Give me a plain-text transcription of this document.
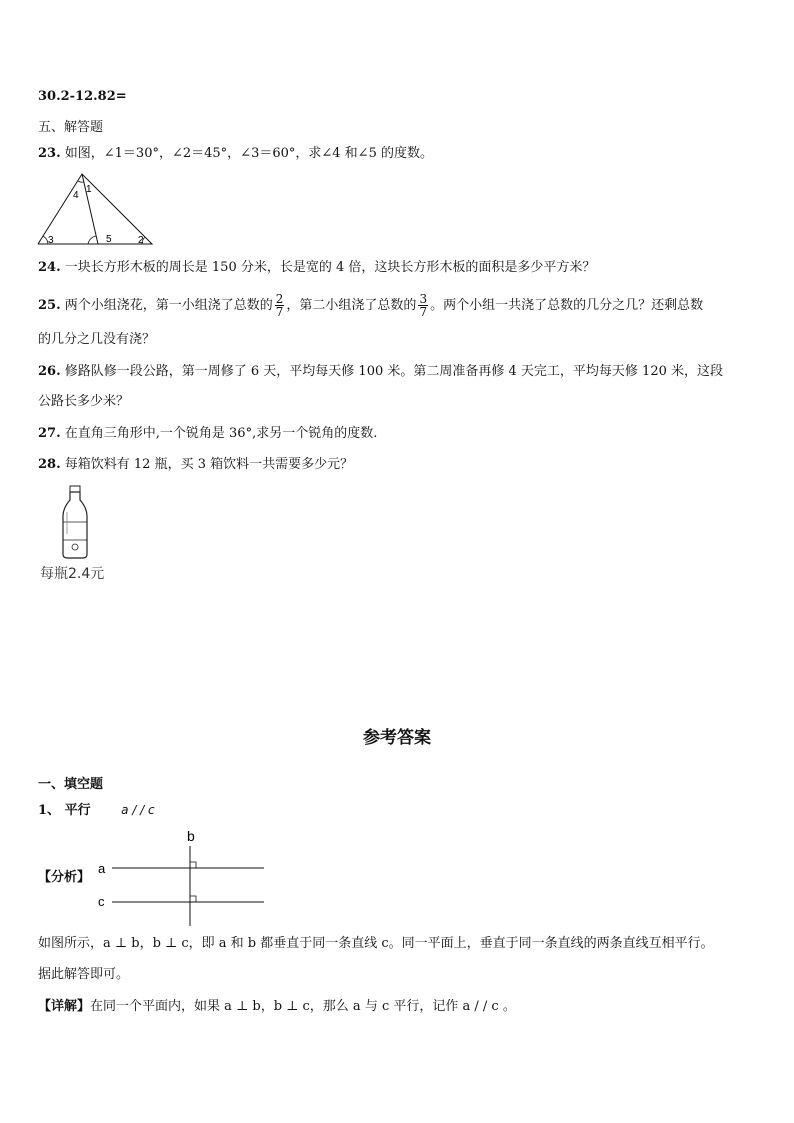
30.2-12.82=
五、解答题
23. 如图，∠1＝30°，∠2＝45°，∠3＝60°，求∠4 和∠5 的度数。
4
1
3	5	2
24. 一块长方形木板的周长是 150 分米，长是宽的 4 倍，这块长方形木板的面积是多少平方米？
25. 两个小组浇花，第一小组浇了总数的 $\frac{2}{7}$ ，第二小组浇了总数的 $\frac{3}{7}$ 。两个小组一共浇了总数的几分之几？还剩总数
的几分之几没有浇？
26. 修路队修一段公路，第一周修了 6 天，平均每天修 100 米。第二周准备再修 4 天完工，平均每天修 120 米，这段
公路长多少米？
27. 在直角三角形中,一个锐角是 36°,求另一个锐角的度数.
28. 每箱饮料有 12 瓶，买 3 箱饮料一共需要多少元？
每瓶2.4元
参考答案
一、填空题
1、 平行	a / / c
【分析】
b
a
c
如图所示，a ⊥ b，b ⊥ c，即 a 和 b 都垂直于同一条直线 c。同一平面上，垂直于同一条直线的两条直线互相平行。
据此解答即可。
【详解】在同一个平面内，如果 a ⊥ b，b ⊥ c，那么 a 与 c 平行，记作 a / / c 。
